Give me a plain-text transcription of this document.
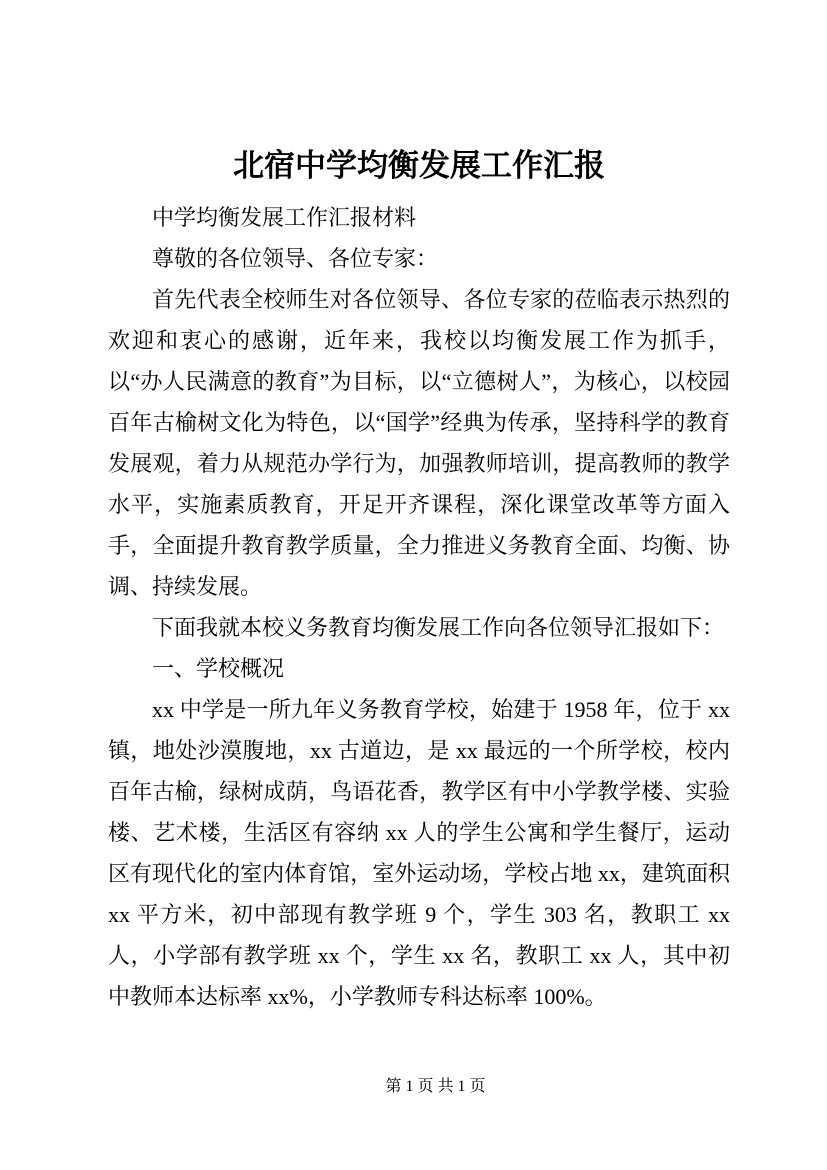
北宿中学均衡发展工作汇报

中学均衡发展工作汇报材料

尊敬的各位领导、各位专家：

首先代表全校师生对各位领导、各位专家的莅临表示热烈的欢迎和衷心的感谢，近年来，我校以均衡发展工作为抓手，以“办人民满意的教育”为目标，以“立德树人”，为核心，以校园百年古榆树文化为特色，以“国学”经典为传承，坚持科学的教育发展观，着力从规范办学行为，加强教师培训，提高教师的教学水平，实施素质教育，开足开齐课程，深化课堂改革等方面入手，全面提升教育教学质量，全力推进义务教育全面、均衡、协调、持续发展。

下面我就本校义务教育均衡发展工作向各位领导汇报如下：

一、学校概况

xx 中学是一所九年义务教育学校，始建于 1958 年，位于 xx 镇，地处沙漠腹地，xx 古道边，是 xx 最远的一个所学校，校内百年古榆，绿树成荫，鸟语花香，教学区有中小学教学楼、实验楼、艺术楼，生活区有容纳 xx 人的学生公寓和学生餐厅，运动区有现代化的室内体育馆，室外运动场，学校占地 xx，建筑面积 xx 平方米，初中部现有教学班 9 个，学生 303 名，教职工 xx 人，小学部有教学班 xx 个，学生 xx 名，教职工 xx 人，其中初中教师本达标率 xx%，小学教师专科达标率 100%。

第 1 页 共 1 页
